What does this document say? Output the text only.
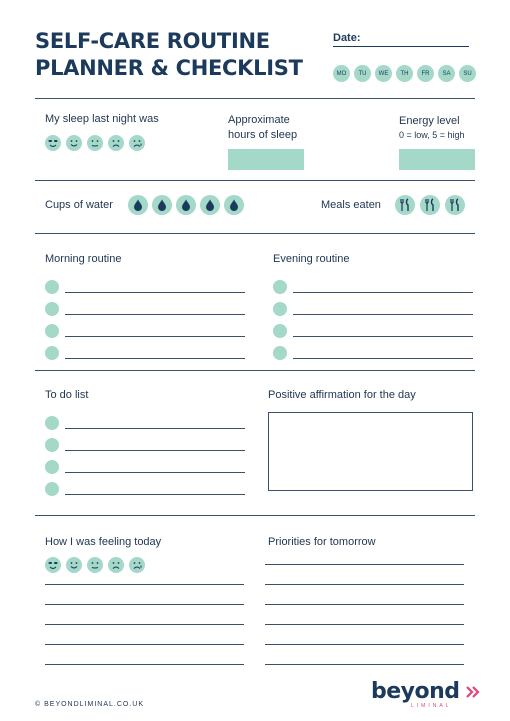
SELF-CARE ROUTINE
PLANNER & CHECKLIST
Date:
MO	TU	WE	TH	FR	SA	SU
My sleep last night was	Approximate
hours of sleep
Energy level
0 = low, 5 = high
Cups of water	Meals eaten
Morning routine	Evening routine
To do list	Positive affirmation for the day
How I was feeling today	Priorities for tomorrow
© BEYONDLIMINAL.CO.UK
beyond
LIMINAL
